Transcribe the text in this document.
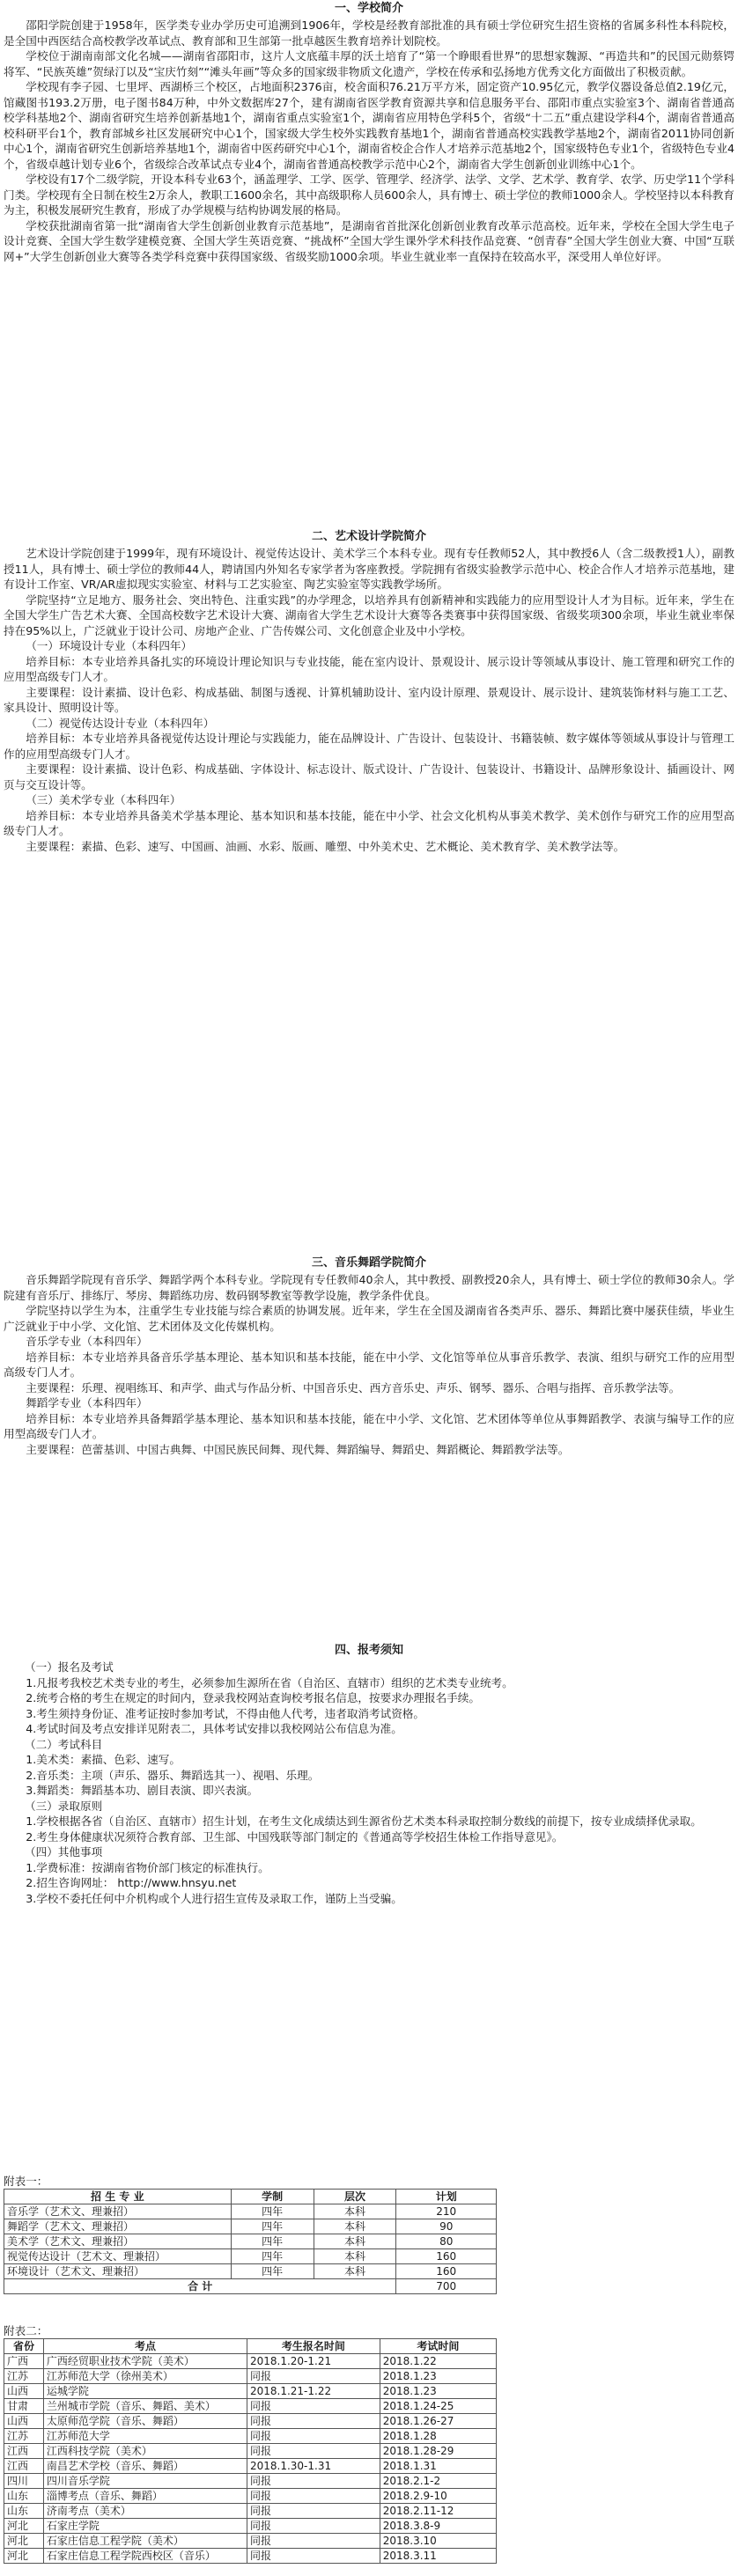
一、学校简介

邵阳学院创建于1958年，医学类专业办学历史可追溯到1906年，学校是经教育部批准的具有硕士学位研究生招生资格的省属多科性本科院校，是全国中西医结合高校教学改革试点、教育部和卫生部第一批卓越医生教育培养计划院校。

学校位于湖南南部文化名城——湖南省邵阳市，这片人文底蕴丰厚的沃土培育了“第一个睁眼看世界”的思想家魏源、“再造共和”的民国元勋蔡锷将军、“民族英雄”贺绿汀以及“宝庆竹刻”“滩头年画”等众多的国家级非物质文化遗产，学校在传承和弘扬地方优秀文化方面做出了积极贡献。

学校现有李子园、七里坪、西湖桥三个校区，占地面积2376亩，校舍面积76.21万平方米，固定资产10.95亿元，教学仪器设备总值2.19亿元，馆藏图书193.2万册，电子图书84万种，中外文数据库27个，建有湖南省医学教育资源共享和信息服务平台、邵阳市重点实验室3个、湖南省普通高校学科基地2个、湖南省研究生培养创新基地1个，湖南省重点实验室1个，湖南省应用特色学科5个，省级“十二五”重点建设学科4个，湖南省普通高校科研平台1个，教育部城乡社区发展研究中心1个，国家级大学生校外实践教育基地1个，湖南省普通高校实践教学基地2个，湖南省2011协同创新中心1个，湖南省研究生创新培养基地1个，湖南省中医药研究中心1个，湖南省校企合作人才培养示范基地2个，国家级特色专业1个，省级特色专业4个，省级卓越计划专业6个，省级综合改革试点专业4个，湖南省普通高校教学示范中心2个，湖南省大学生创新创业训练中心1个。

学校设有17个二级学院，开设本科专业63个，涵盖理学、工学、医学、管理学、经济学、法学、文学、艺术学、教育学、农学、历史学11个学科门类。学校现有全日制在校生2万余人，教职工1600余名，其中高级职称人员600余人，具有博士、硕士学位的教师1000余人。学校坚持以本科教育为主，积极发展研究生教育，形成了办学规模与结构协调发展的格局。

学校获批湖南省第一批“湖南省大学生创新创业教育示范基地”，是湖南省首批深化创新创业教育改革示范高校。近年来，学校在全国大学生电子设计竞赛、全国大学生数学建模竞赛、全国大学生英语竞赛、“挑战杯”全国大学生课外学术科技作品竞赛、“创青春”全国大学生创业大赛、中国“互联网+”大学生创新创业大赛等各类学科竞赛中获得国家级、省级奖励1000余项。毕业生就业率一直保持在较高水平，深受用人单位好评。

二、艺术设计学院简介

艺术设计学院创建于1999年，现有环境设计、视觉传达设计、美术学三个本科专业。现有专任教师52人，其中教授6人（含二级教授1人），副教授11人，具有博士、硕士学位的教师44人，聘请国内外知名专家学者为客座教授。学院拥有省级实验教学示范中心、校企合作人才培养示范基地，建有设计工作室、VR/AR虚拟现实实验室、材料与工艺实验室、陶艺实验室等实践教学场所。

学院坚持“立足地方、服务社会、突出特色、注重实践”的办学理念，以培养具有创新精神和实践能力的应用型设计人才为目标。近年来，学生在全国大学生广告艺术大赛、全国高校数字艺术设计大赛、湖南省大学生艺术设计大赛等各类赛事中获得国家级、省级奖项300余项，毕业生就业率保持在95%以上，广泛就业于设计公司、房地产企业、广告传媒公司、文化创意企业及中小学校。

（一）环境设计专业（本科四年）

培养目标：本专业培养具备扎实的环境设计理论知识与专业技能，能在室内设计、景观设计、展示设计等领域从事设计、施工管理和研究工作的应用型高级专门人才。

主要课程：设计素描、设计色彩、构成基础、制图与透视、计算机辅助设计、室内设计原理、景观设计、展示设计、建筑装饰材料与施工工艺、家具设计、照明设计等。

（二）视觉传达设计专业（本科四年）

培养目标：本专业培养具备视觉传达设计理论与实践能力，能在品牌设计、广告设计、包装设计、书籍装帧、数字媒体等领域从事设计与管理工作的应用型高级专门人才。

主要课程：设计素描、设计色彩、构成基础、字体设计、标志设计、版式设计、广告设计、包装设计、书籍设计、品牌形象设计、插画设计、网页与交互设计等。

（三）美术学专业（本科四年）

培养目标：本专业培养具备美术学基本理论、基本知识和基本技能，能在中小学、社会文化机构从事美术教学、美术创作与研究工作的应用型高级专门人才。

主要课程：素描、色彩、速写、中国画、油画、水彩、版画、雕塑、中外美术史、艺术概论、美术教育学、美术教学法等。

三、音乐舞蹈学院简介

音乐舞蹈学院现有音乐学、舞蹈学两个本科专业。学院现有专任教师40余人，其中教授、副教授20余人，具有博士、硕士学位的教师30余人。学院建有音乐厅、排练厅、琴房、舞蹈练功房、数码钢琴教室等教学设施，教学条件优良。

学院坚持以学生为本，注重学生专业技能与综合素质的协调发展。近年来，学生在全国及湖南省各类声乐、器乐、舞蹈比赛中屡获佳绩，毕业生广泛就业于中小学、文化馆、艺术团体及文化传媒机构。

音乐学专业（本科四年）

培养目标：本专业培养具备音乐学基本理论、基本知识和基本技能，能在中小学、文化馆等单位从事音乐教学、表演、组织与研究工作的应用型高级专门人才。

主要课程：乐理、视唱练耳、和声学、曲式与作品分析、中国音乐史、西方音乐史、声乐、钢琴、器乐、合唱与指挥、音乐教学法等。

舞蹈学专业（本科四年）

培养目标：本专业培养具备舞蹈学基本理论、基本知识和基本技能，能在中小学、文化馆、艺术团体等单位从事舞蹈教学、表演与编导工作的应用型高级专门人才。

主要课程：芭蕾基训、中国古典舞、中国民族民间舞、现代舞、舞蹈编导、舞蹈史、舞蹈概论、舞蹈教学法等。

四、报考须知

（一）报名及考试

1.凡报考我校艺术类专业的考生，必须参加生源所在省（自治区、直辖市）组织的艺术类专业统考。

2.统考合格的考生在规定的时间内，登录我校网站查询校考报名信息，按要求办理报名手续。

3.考生须持身份证、准考证按时参加考试，不得由他人代考，违者取消考试资格。

4.考试时间及考点安排详见附表二，具体考试安排以我校网站公布信息为准。

（二）考试科目

1.美术类：素描、色彩、速写。

2.音乐类：主项（声乐、器乐、舞蹈选其一）、视唱、乐理。

3.舞蹈类：舞蹈基本功、剧目表演、即兴表演。

（三）录取原则

1.学校根据各省（自治区、直辖市）招生计划，在考生文化成绩达到生源省份艺术类本科录取控制分数线的前提下，按专业成绩择优录取。

2.考生身体健康状况须符合教育部、卫生部、中国残联等部门制定的《普通高等学校招生体检工作指导意见》。

（四）其他事项

1.学费标准：按湖南省物价部门核定的标准执行。

2.招生咨询网址： http://www.hnsyu.net

3.学校不委托任何中介机构或个人进行招生宣传及录取工作，谨防上当受骗。

附表一：
招 生 专 业	学制	层次	计划
音乐学（艺术文、理兼招）	四年	本科	210
舞蹈学（艺术文、理兼招）	四年	本科	90
美术学（艺术文、理兼招）	四年	本科	80
视觉传达设计（艺术文、理兼招）	四年	本科	160
环境设计（艺术文、理兼招）	四年	本科	160
合 计			700
附表二：
省份	考点	考生报名时间	考试时间
广西	广西经贸职业技术学院（美术）	2018.1.20-1.21	2018.1.22
江苏	江苏师范大学（徐州美术）	同报	2018.1.23
山西	运城学院	2018.1.21-1.22	2018.1.23
甘肃	兰州城市学院（音乐、舞蹈、美术）	同报	2018.1.24-25
山西	太原师范学院（音乐、舞蹈）	同报	2018.1.26-27
江苏	江苏师范大学	同报	2018.1.28
江西	江西科技学院（美术）	同报	2018.1.28-29
江西	南昌艺术学校（音乐、舞蹈）	2018.1.30-1.31	2018.1.31
四川	四川音乐学院	同报	2018.2.1-2
山东	淄博考点（音乐、舞蹈）	同报	2018.2.9-10
山东	济南考点（美术）	同报	2018.2.11-12
河北	石家庄学院	同报	2018.3.8-9
河北	石家庄信息工程学院（美术）	同报	2018.3.10
河北	石家庄信息工程学院西校区（音乐）	同报	2018.3.11
